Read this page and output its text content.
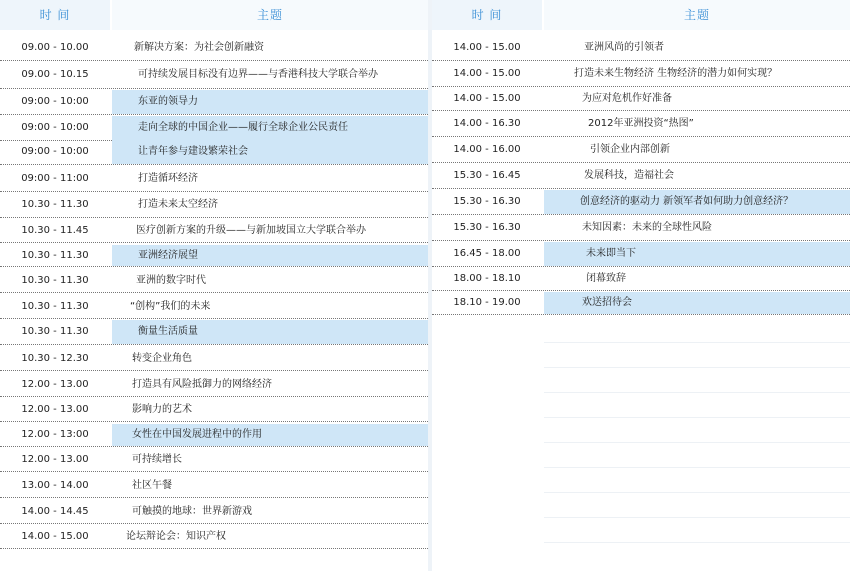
时 间	主题
09.00 - 10.00	新解决方案：为社会创新融资
09.00 - 10.15	可持续发展目标没有边界——与香港科技大学联合举办
09:00 - 10:00	东亚的领导力
09:00 - 10:00	走向全球的中国企业——履行全球企业公民责任
09:00 - 10:00	让青年参与建设繁荣社会
09:00 - 11:00	打造循环经济
10.30 - 11.30	打造未来太空经济
10.30 - 11.45	医疗创新方案的升级——与新加坡国立大学联合举办
10.30 - 11.30	亚洲经济展望
10.30 - 11.30	亚洲的数字时代
10.30 - 11.30	“创构”我们的未来
10.30 - 11.30	衡量生活质量
10.30 - 12.30	转变企业角色
12.00 - 13.00	打造具有风险抵御力的网络经济
12.00 - 13.00	影响力的艺术
12.00 - 13:00	女性在中国发展进程中的作用
12.00 - 13.00	可持续增长
13.00 - 14.00	社区午餐
14.00 - 14.45	可触摸的地球：世界新游戏
14.00 - 15.00	论坛辩论会：知识产权
时 间	主题
14.00 - 15.00	亚洲风尚的引领者
14.00 - 15.00	打造未来生物经济 生物经济的潜力如何实现？
14.00 - 15.00	为应对危机作好准备
14.00 - 16.30	2012年亚洲投资“热图”
14.00 - 16.00	引领企业内部创新
15.30 - 16.45	发展科技，造福社会
15.30 - 16.30	创意经济的驱动力 新领军者如何助力创意经济？
15.30 - 16.30	未知因素：未来的全球性风险
16.45 - 18.00	未来即当下
18.00 - 18.10	闭幕致辞
18.10 - 19.00	欢送招待会
